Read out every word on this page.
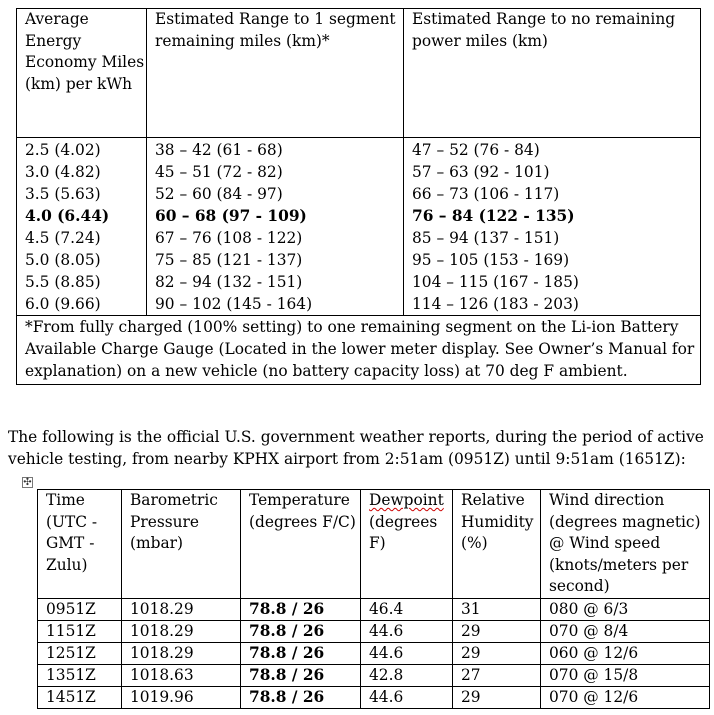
Average Energy Economy Miles (km) per kWh	Estimated Range to 1 segment remaining miles (km)*	Estimated Range to no remaining power miles (km)
2.5 (4.02)	38 – 42 (61 - 68)	47 – 52 (76 - 84)
3.0 (4.82)	45 – 51 (72 - 82)	57 – 63 (92 - 101)
3.5 (5.63)	52 – 60 (84 - 97)	66 – 73 (106 - 117)
4.0 (6.44)	60 – 68 (97 - 109)	76 – 84 (122 - 135)
4.5 (7.24)	67 – 76 (108 - 122)	85 – 94 (137 - 151)
5.0 (8.05)	75 – 85 (121 - 137)	95 – 105 (153 - 169)
5.5 (8.85)	82 – 94 (132 - 151)	104 – 115 (167 - 185)
6.0 (9.66)	90 – 102 (145 - 164)	114 – 126 (183 - 203)
*From fully charged (100% setting) to one remaining segment on the Li-ion Battery Available Charge Gauge (Located in the lower meter display. See Owner’s Manual for explanation) on a new vehicle (no battery capacity loss) at 70 deg F ambient.		

The following is the official U.S. government weather reports, during the period of active vehicle testing, from nearby KPHX airport from 2:51am (0951Z) until 9:51am (1651Z):

✣
Time (UTC - GMT - Zulu)	Barometric Pressure (mbar)	Temperature (degrees F/C)	Dewpoint (degrees F)	Relative Humidity (%)	Wind direction (degrees magnetic) @ Wind speed (knots/meters per second)
0951Z	1018.29	78.8 / 26	46.4	31	080 @ 6/3
1151Z	1018.29	78.8 / 26	44.6	29	070 @ 8/4
1251Z	1018.29	78.8 / 26	44.6	29	060 @ 12/6
1351Z	1018.63	78.8 / 26	42.8	27	070 @ 15/8
1451Z	1019.96	78.8 / 26	44.6	29	070 @ 12/6
